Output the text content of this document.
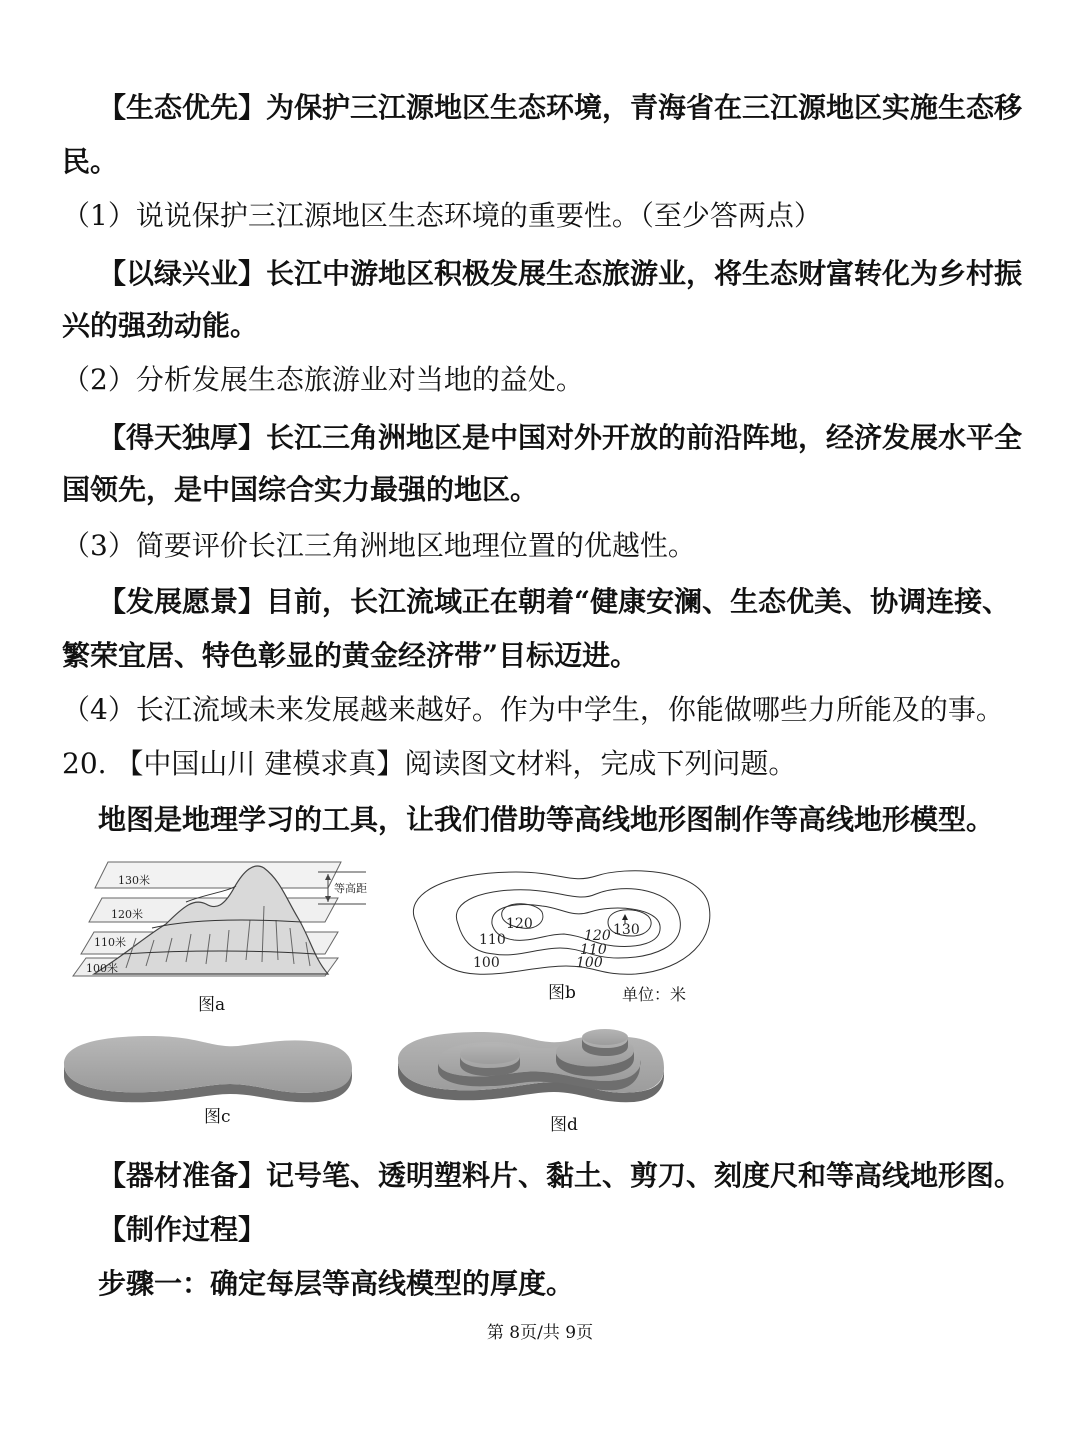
【生态优先】为保护三江源地区生态环境，青海省在三江源地区实施生态移
民。
（1）说说保护三江源地区生态环境的重要性。（至少答两点）
【以绿兴业】长江中游地区积极发展生态旅游业，将生态财富转化为乡村振
兴的强劲动能。
（2）分析发展生态旅游业对当地的益处。
【得天独厚】长江三角洲地区是中国对外开放的前沿阵地，经济发展水平全
国领先，是中国综合实力最强的地区。
（3）简要评价长江三角洲地区地理位置的优越性。
【发展愿景】目前，长江流域正在朝着“健康安澜、生态优美、协调连接、
繁荣宜居、特色彰显的黄金经济带”目标迈进。
（4）长江流域未来发展越来越好。作为中学生，你能做哪些力所能及的事。
20. 【中国山川 建模求真】阅读图文材料，完成下列问题。
地图是地理学习的工具，让我们借助等高线地形图制作等高线地形模型。
等高距
130米
120米
110米
100米
图a
120	130
110
100
120
110
100
图b	单位：米
图c	图d
【器材准备】记号笔、透明塑料片、黏土、剪刀、刻度尺和等高线地形图。
【制作过程】
步骤一：确定每层等高线模型的厚度。
第 8页/共 9页
